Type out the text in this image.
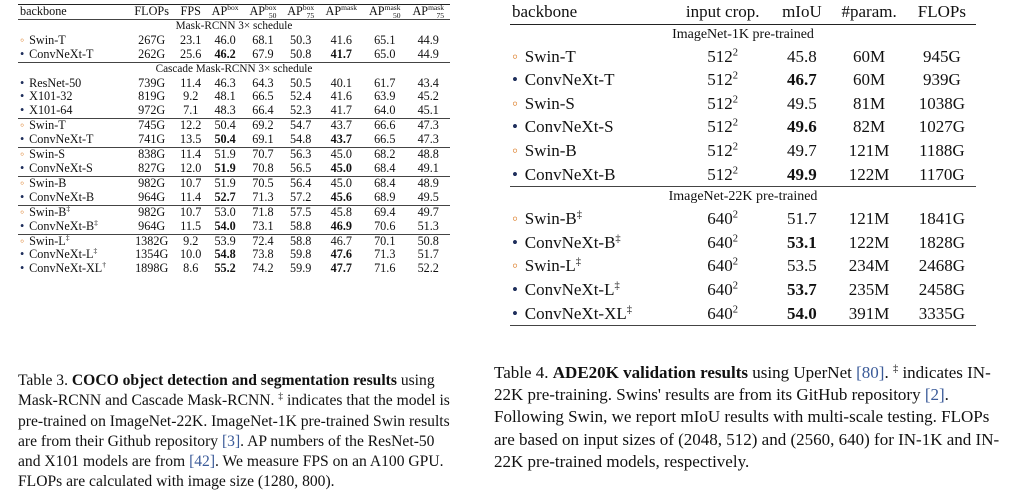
backbone	FLOPs	FPS	$AP^{box}$	$AP^{box}50$	$AP^{box}75$	$AP^{mask}$	$AP^{mask}50$	$AP^{mask}75$
Mask-RCNN 3× schedule								
◦Swin-T	267G	23.1	46.0	68.1	50.3	41.6	65.1	44.9
•ConvNeXt-T	262G	25.6	46.2	67.9	50.8	41.7	65.0	44.9
Cascade Mask-RCNN 3× schedule								
•ResNet-50	739G	11.4	46.3	64.3	50.5	40.1	61.7	43.4
•X101-32	819G	9.2	48.1	66.5	52.4	41.6	63.9	45.2
•X101-64	972G	7.1	48.3	66.4	52.3	41.7	64.0	45.1
◦Swin-T	745G	12.2	50.4	69.2	54.7	43.7	66.6	47.3
•ConvNeXt-T	741G	13.5	50.4	69.1	54.8	43.7	66.5	47.3
◦Swin-S	838G	11.4	51.9	70.7	56.3	45.0	68.2	48.8
•ConvNeXt-S	827G	12.0	51.9	70.8	56.5	45.0	68.4	49.1
◦Swin-B	982G	10.7	51.9	70.5	56.4	45.0	68.4	48.9
•ConvNeXt-B	964G	11.4	52.7	71.3	57.2	45.6	68.9	49.5
◦Swin-B‡	982G	10.7	53.0	71.8	57.5	45.8	69.4	49.7
•ConvNeXt-B‡	964G	11.5	54.0	73.1	58.8	46.9	70.6	51.3
◦Swin-L‡	1382G	9.2	53.9	72.4	58.8	46.7	70.1	50.8
•ConvNeXt-L‡	1354G	10.0	54.8	73.8	59.8	47.6	71.3	51.7
•ConvNeXt-XL†	1898G	8.6	55.2	74.2	59.9	47.7	71.6	52.2
backbone	input crop.	mIoU	#param.	FLOPs
ImageNet-1K pre-trained				
◦Swin-T	$512^2$	45.8	60M	945G
•ConvNeXt-T	$512^2$	46.7	60M	939G
◦Swin-S	$512^2$	49.5	81M	1038G
•ConvNeXt-S	$512^2$	49.6	82M	1027G
◦Swin-B	$512^2$	49.7	121M	1188G
•ConvNeXt-B	$512^2$	49.9	122M	1170G
ImageNet-22K pre-trained				
◦Swin-B‡	$640^2$	51.7	121M	1841G
•ConvNeXt-B‡	$640^2$	53.1	122M	1828G
◦Swin-L‡	$640^2$	53.5	234M	2468G
•ConvNeXt-L‡	$640^2$	53.7	235M	2458G
•ConvNeXt-XL‡	$640^2$	54.0	391M	3335G

Table 3. COCO object detection and segmentation results using Mask-RCNN and Cascade Mask-RCNN. ‡ indicates that the model is pre-trained on ImageNet-22K. ImageNet-1K pre-trained Swin results are from their Github repository [3]. AP numbers of the ResNet-50 and X101 models are from [42]. We measure FPS on an A100 GPU. FLOPs are calculated with image size (1280, 800).
Table 4. ADE20K validation results using UperNet [80]. ‡ indicates IN-22K pre-training. Swins' results are from its GitHub repository [2]. Following Swin, we report mIoU results with multi-scale testing. FLOPs are based on input sizes of (2048, 512) and (2560, 640) for IN-1K and IN-22K pre-trained models, respectively.
